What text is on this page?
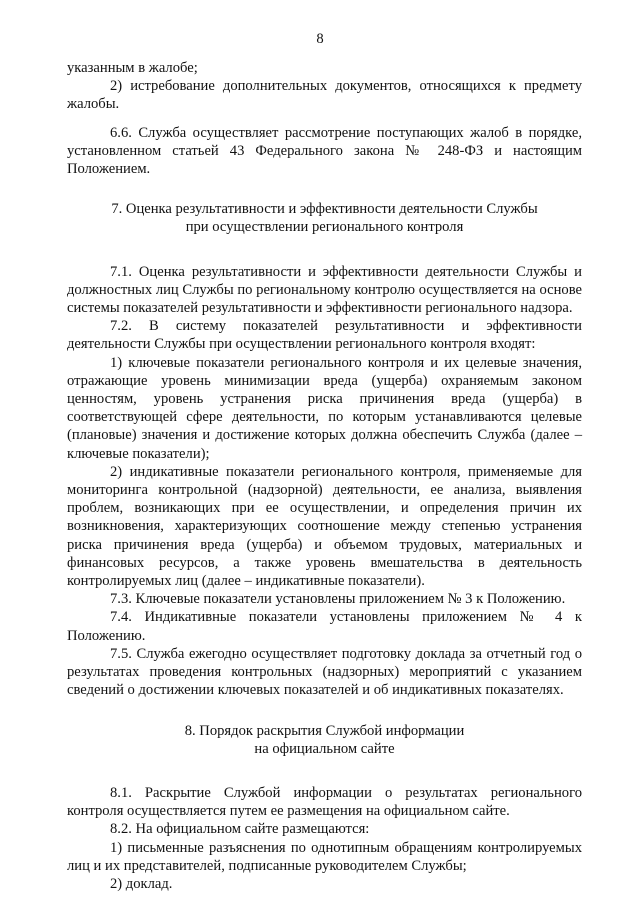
8

указанным в жалобе;

2) истребование дополнительных документов, относящихся к предмету жалобы.

6.6. Служба осуществляет рассмотрение поступающих жалоб в порядке, установленном статьей 43 Федерального закона № 248-ФЗ и настоящим Положением.

7. Оценка результативности и эффективности деятельности Службы
при осуществлении регионального контроля

7.1. Оценка результативности и эффективности деятельности Службы и должностных лиц Службы по региональному контролю осуществляется на основе системы показателей результативности и эффективности регионального надзора.

7.2. В систему показателей результативности и эффективности деятельности Службы при осуществлении регионального контроля входят:

1) ключевые показатели регионального контроля и их целевые значения, отражающие уровень минимизации вреда (ущерба) охраняемым законом ценностям, уровень устранения риска причинения вреда (ущерба) в соответствующей сфере деятельности, по которым устанавливаются целевые (плановые) значения и достижение которых должна обеспечить Служба (далее – ключевые показатели);

2) индикативные показатели регионального контроля, применяемые для мониторинга контрольной (надзорной) деятельности, ее анализа, выявления проблем, возникающих при ее осуществлении, и определения причин их возникновения, характеризующих соотношение между степенью устранения риска причинения вреда (ущерба) и объемом трудовых, материальных и финансовых ресурсов, а также уровень вмешательства в деятельность контролируемых лиц (далее – индикативные показатели).

7.3. Ключевые показатели установлены приложением № 3 к Положению.

7.4. Индикативные показатели установлены приложением № 4 к Положению.

7.5. Служба ежегодно осуществляет подготовку доклада за отчетный год о результатах проведения контрольных (надзорных) мероприятий с указанием сведений о достижении ключевых показателей и об индикативных показателях.

8. Порядок раскрытия Службой информации
на официальном сайте

8.1. Раскрытие Службой информации о результатах регионального контроля осуществляется путем ее размещения на официальном сайте.

8.2. На официальном сайте размещаются:

1) письменные разъяснения по однотипным обращениям контролируемых лиц и их представителей, подписанные руководителем Службы;

2) доклад.
